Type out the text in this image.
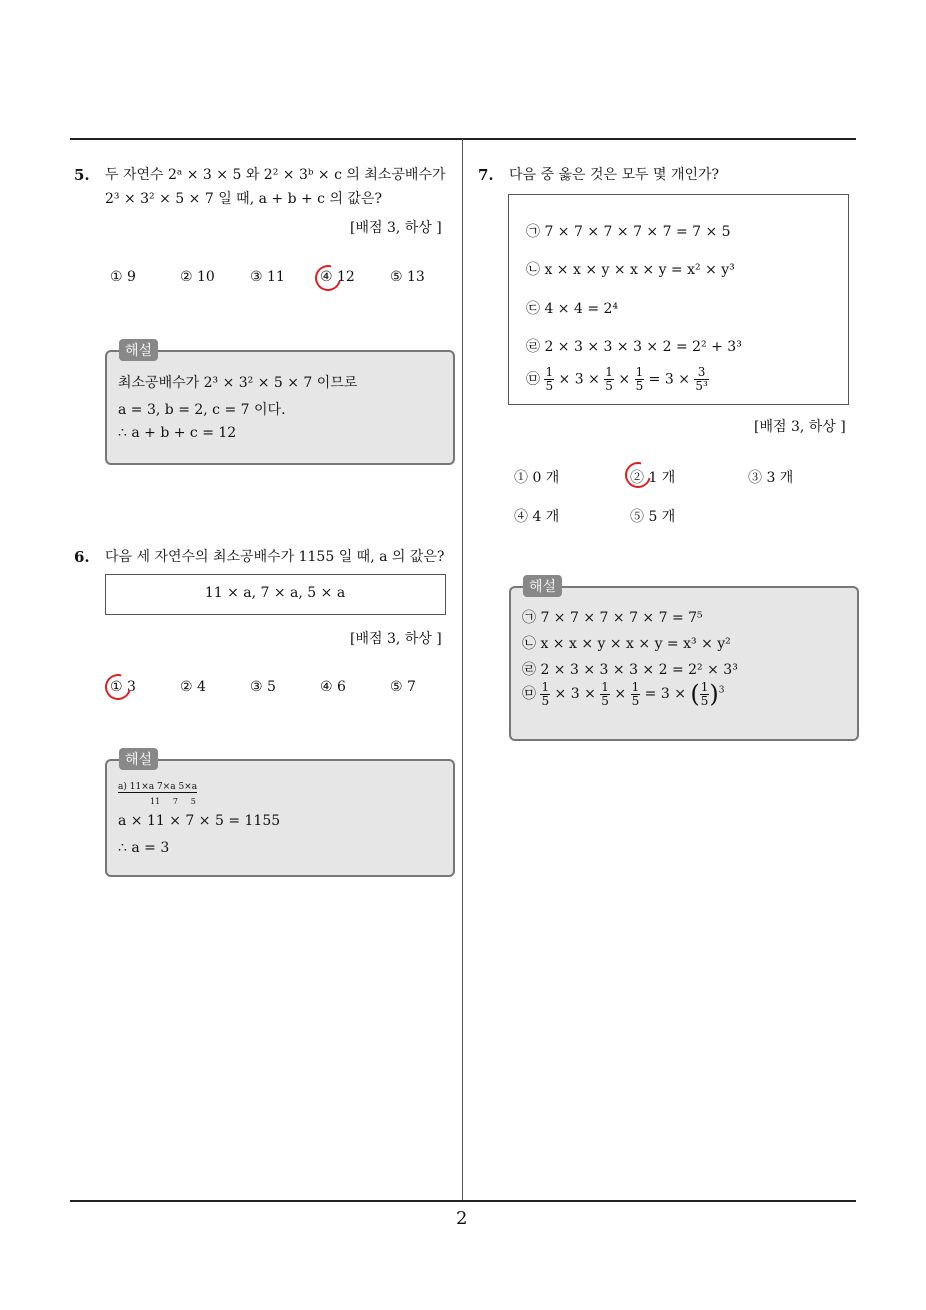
2
5. 두 자연수 2ᵃ × 3 × 5 와 2² × 3ᵇ × c 의 최소공배수가
2³ × 3² × 5 × 7 일 때, a + b + c 의 값은?
[배점 3, 하상 ]
① 9	② 10	③ 11	④ 12	⑤ 13
해설
최소공배수가 2³ × 3² × 5 × 7 이므로
a = 3, b = 2, c = 7 이다.
∴ a + b + c = 12
6. 다음 세 자연수의 최소공배수가 1155 일 때, a 의 값은?
11 × a, 7 × a, 5 × a
[배점 3, 하상 ]
① 3	② 4	③ 5	④ 6	⑤ 7
해설
a) 11×a 7×a 5×a
11     7     5
a × 11 × 7 × 5 = 1155
∴ a = 3
7. 다음 중 옳은 것은 모두 몇 개인가?
㉠ 7 × 7 × 7 × 7 × 7 = 7 × 5
㉡ x × x × y × x × y = x² × y³
㉢ 4 × 4 = 2⁴
㉣ 2 × 3 × 3 × 3 × 2 = 2² + 3³
㉤ $\frac{1}{5} \times 3 \times \frac{1}{5} \times \frac{1}{5} = 3 \times \frac{3}{\text{5³}}$
[배점 3, 하상 ]
① 0 개	② 1 개	③ 3 개
④ 4 개	⑤ 5 개
해설
㉠ 7 × 7 × 7 × 7 × 7 = 7⁵
㉡ x × x × y × x × y = x³ × y²
㉣ 2 × 3 × 3 × 3 × 2 = 2² × 3³
㉤ $\frac{1}{5} \times 3 \times \frac{1}{5} \times \frac{1}{5} = 3$ × ( $\frac{1}{5} )^3$
